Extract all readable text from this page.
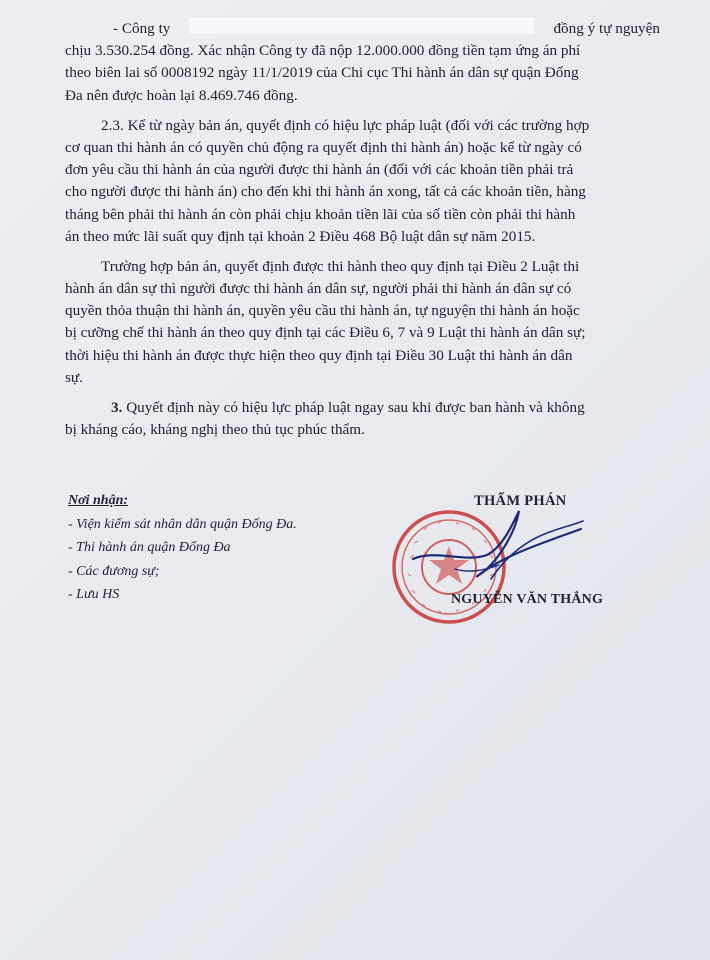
- Công ty	đồng ý tự nguyện
chịu 3.530.254 đồng. Xác nhận Công ty đã nộp 12.000.000 đồng tiền tạm ứng án phí
theo biên lai số 0008192 ngày 11/1/2019 của Chi cục Thi hành án dân sự quận Đống
Đa nên được hoàn lại 8.469.746 đồng.
2.3. Kể từ ngày bản án, quyết định có hiệu lực pháp luật (đối với các trường hợp
cơ quan thi hành án có quyền chủ động ra quyết định thi hành án) hoặc kể từ ngày có
đơn yêu cầu thi hành án của người được thi hành án (đối với các khoản tiền phải trả
cho người được thi hành án) cho đến khi thi hành án xong, tất cả các khoản tiền, hàng
tháng bên phải thi hành án còn phải chịu khoản tiền lãi của số tiền còn phải thi hành
án theo mức lãi suất quy định tại khoản 2 Điều 468 Bộ luật dân sự năm 2015.
Trường hợp bản án, quyết định được thi hành theo quy định tại Điều 2 Luật thi
hành án dân sự thì người được thi hành án dân sự, người phải thi hành án dân sự có
quyền thỏa thuận thi hành án, quyền yêu cầu thi hành án, tự nguyện thi hành án hoặc
bị cưỡng chế thi hành án theo quy định tại các Điều 6, 7 và 9 Luật thi hành án dân sự;
thời hiệu thi hành án được thực hiện theo quy định tại Điều 30 Luật thi hành án dân
sự.
3. Quyết định này có hiệu lực pháp luật ngay sau khi được ban hành và không
bị kháng cáo, kháng nghị theo thủ tục phúc thẩm.
Nơi nhận:
- Viện kiểm sát nhân dân quận Đống Đa.
- Thi hành án quận Đống Đa
- Các đương sự;
- Lưu HS
THẨM PHÁN
NGUYỄN VĂN THẮNG
